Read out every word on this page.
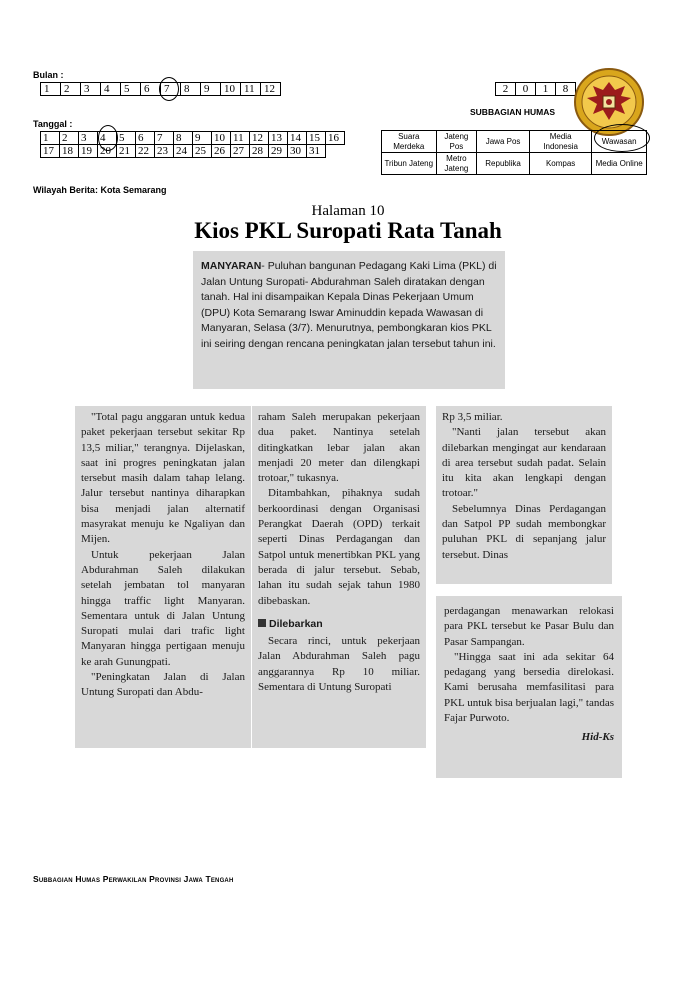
Bulan :
1	2	3	4	5	6	7	8	9	10	11	12
Tanggal :
1	2	3	4	5	6	7	8	9	10	11	12	13	14	15	16
17	18	19	20	21	22	23	24	25	26	27	28	29	30	31	
Wilayah Berita: Kota Semarang
2	0	1	8
SUBBAGIAN HUMAS
Suara Merdeka	Jateng Pos	Jawa Pos	Media Indonesia	Wawasan
Tribun Jateng	Metro Jateng	Republika	Kompas	Media Online
Halaman 10
Kios PKL Suropati Rata Tanah

MANYARAN- Puluhan bangunan Pedagang Kaki Lima (PKL) di Jalan Untung Suropati- Abdurahman Saleh diratakan dengan tanah. Hal ini disampaikan Kepala Dinas Pekerjaan Umum (DPU) Kota Semarang Iswar Aminuddin kepada Wawasan di Manyaran, Selasa (3/7). Menurutnya, pembongkaran kios PKL ini seiring dengan rencana peningkatan jalan tersebut tahun ini.

"Total pagu anggaran untuk kedua paket pekerjaan tersebut sekitar Rp 13,5 miliar," terangnya. Dijelaskan, saat ini progres peningkatan jalan tersebut masih dalam tahap lelang. Jalur tersebut nantinya diharapkan bisa menjadi jalan alternatif masyrakat menuju ke Ngaliyan dan Mijen.

Untuk pekerjaan Jalan Abdurahman Saleh dilakukan setelah jembatan tol manyaran hingga traffic light Manyaran. Sementara untuk di Jalan Untung Suropati mulai dari trafic light Manyaran hingga pertigaan menuju ke arah Gunungpati.

"Peningkatan Jalan di Jalan Untung Suropati dan Abdu-

raham Saleh merupakan pekerjaan dua paket. Nantinya setelah ditingkatkan lebar jalan akan menjadi 20 meter dan dilengkapi trotoar," tukasnya.

Ditambahkan, pihaknya sudah berkoordinasi dengan Organisasi Perangkat Daerah (OPD) terkait seperti Dinas Perdagangan dan Satpol untuk menertibkan PKL yang berada di jalur tersebut. Sebab, lahan itu sudah sejak tahun 1980 dibebaskan.

Dilebarkan

Secara rinci, untuk pekerjaan Jalan Abdurahman Saleh pagu anggarannya Rp 10 miliar. Sementara di Untung Suropati

Rp 3,5 miliar.

"Nanti jalan tersebut akan dilebarkan mengingat aur kendaraan di area tersebut sudah padat. Selain itu kita akan lengkapi dengan trotoar."

Sebelumnya Dinas Perdagangan dan Satpol PP sudah membongkar puluhan PKL di sepanjang jalur tersebut. Dinas

perdagangan menawarkan relokasi para PKL tersebut ke Pasar Bulu dan Pasar Sampangan.

"Hingga saat ini ada sekitar 64 pedagang yang bersedia direlokasi. Kami berusaha memfasilitasi para PKL untuk bisa berjualan lagi," tandas Fajar Purwoto.

Hid-Ks

Subbagian Humas Perwakilan Provinsi Jawa Tengah
